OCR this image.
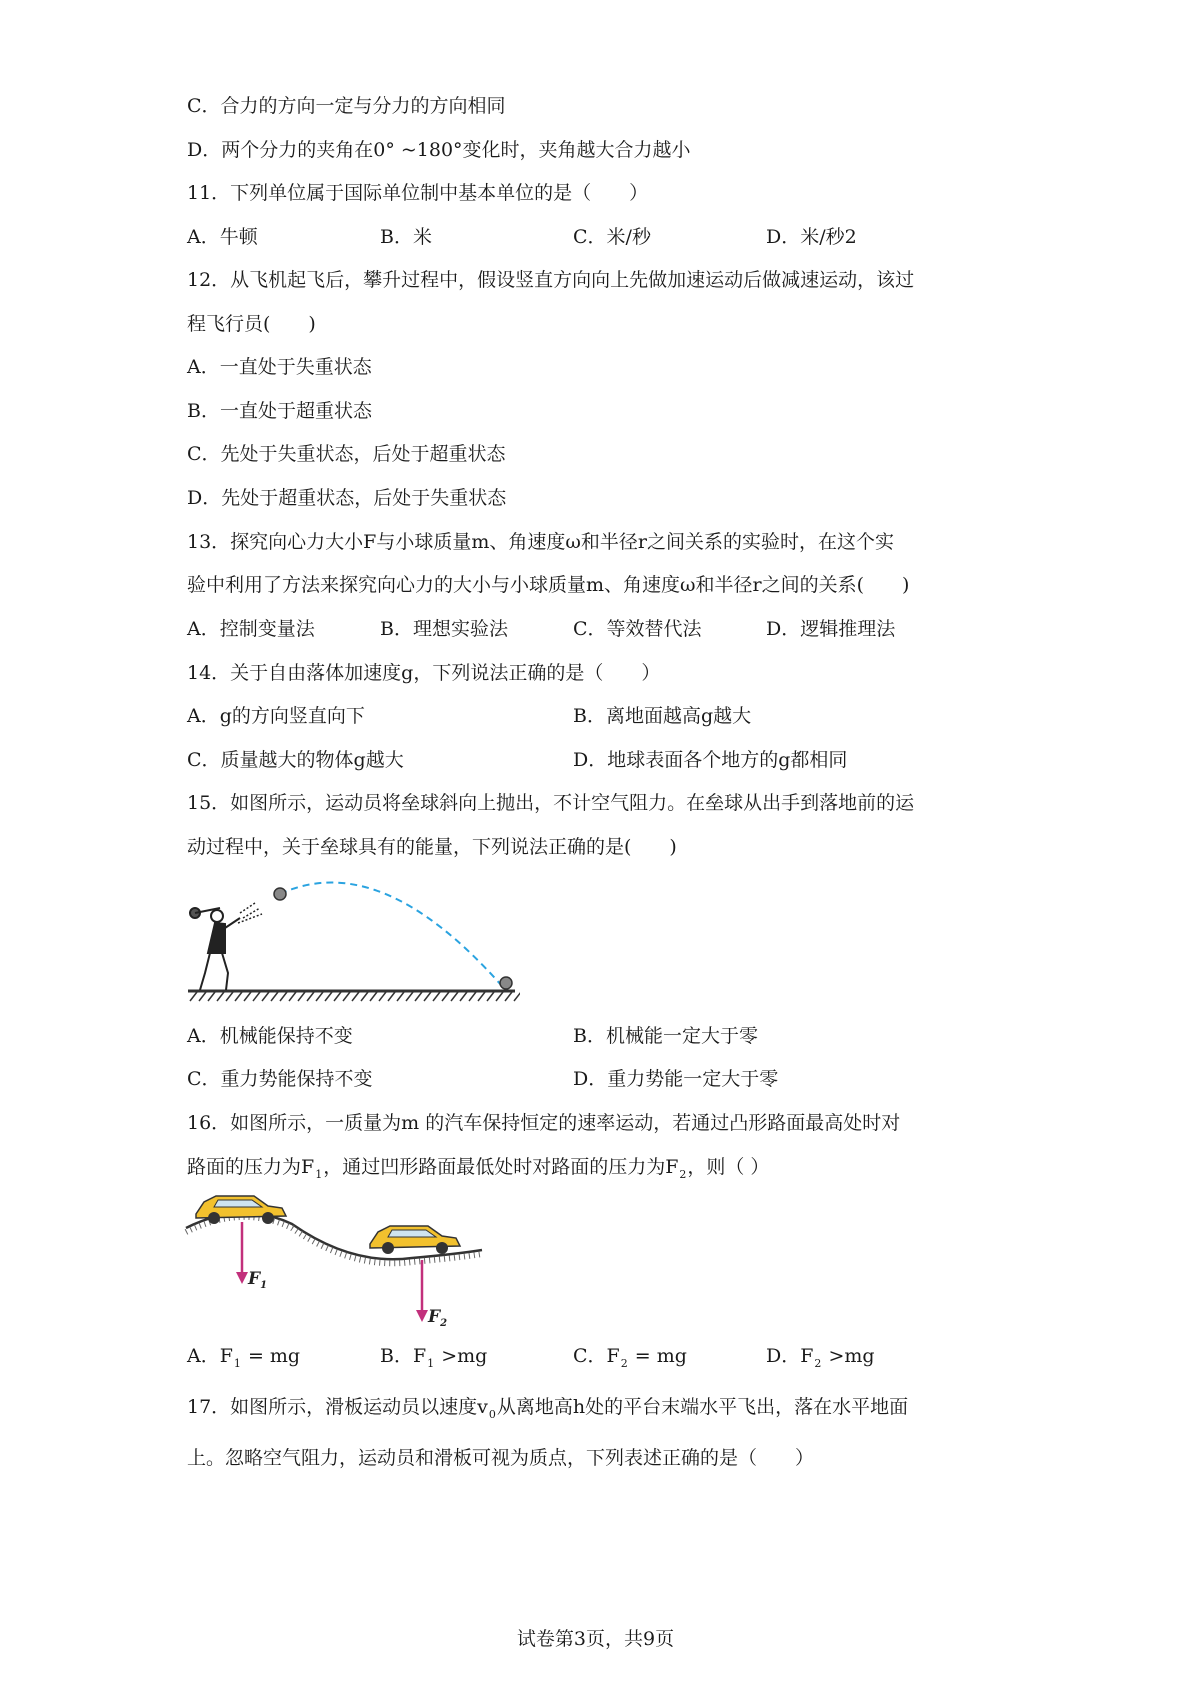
C．合力的方向一定与分力的方向相同
D．两个分力的夹角在0° ~180°变化时，夹角越大合力越小
11．下列单位属于国际单位制中基本单位的是（　　）
A．牛顿	B．米	C．米/秒	D．米/秒2
12．从飞机起飞后，攀升过程中，假设竖直方向向上先做加速运动后做减速运动，该过
程飞行员(　　)
A．一直处于失重状态
B．一直处于超重状态
C．先处于失重状态，后处于超重状态
D．先处于超重状态，后处于失重状态
13．探究向心力大小F与小球质量m、角速度ω和半径r之间关系的实验时，在这个实
验中利用了方法来探究向心力的大小与小球质量m、角速度ω和半径r之间的关系(　　)
A．控制变量法	B．理想实验法	C．等效替代法	D．逻辑推理法
14．关于自由落体加速度g，下列说法正确的是（　　）
A．g的方向竖直向下	B．离地面越高g越大
C．质量越大的物体g越大	D．地球表面各个地方的g都相同
15．如图所示，运动员将垒球斜向上抛出，不计空气阻力。在垒球从出手到落地前的运
动过程中，关于垒球具有的能量，下列说法正确的是(　　)
A．机械能保持不变	B．机械能一定大于零
C．重力势能保持不变	D．重力势能一定大于零
16．如图所示，一质量为m 的汽车保持恒定的速率运动，若通过凸形路面最高处时对
路面的压力为$F_1$，通过凹形路面最低处时对路面的压力为$F_2$，则（ ）
$F_1$
$F_2$
A．$F_1$ = mg	B．$F_1 >mg$	C．$F_2$ = mg	D．$F_2 >mg$
17．如图所示，滑板运动员以速度$v_0$从离地高h处的平台末端水平飞出，落在水平地面
上。忽略空气阻力，运动员和滑板可视为质点，下列表述正确的是（　　）
试卷第3页，共9页
